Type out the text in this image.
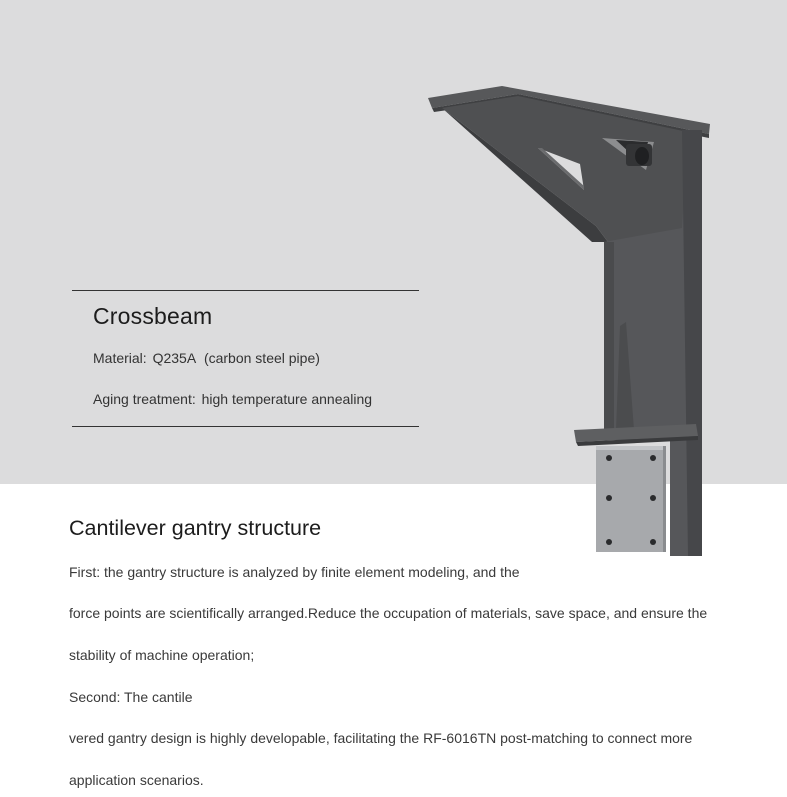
Crossbeam
Material: Q235A  (carbon steel pipe)
Aging treatment: high temperature annealing
Cantilever gantry structure
First: the gantry structure is analyzed by finite element modeling, and the
force points are scientifically arranged.Reduce the occupation of materials, save space, and ensure the
stability of machine operation;
Second: The cantile
vered gantry design is highly developable, facilitating the RF-6016TN post-matching to connect more
application scenarios.
